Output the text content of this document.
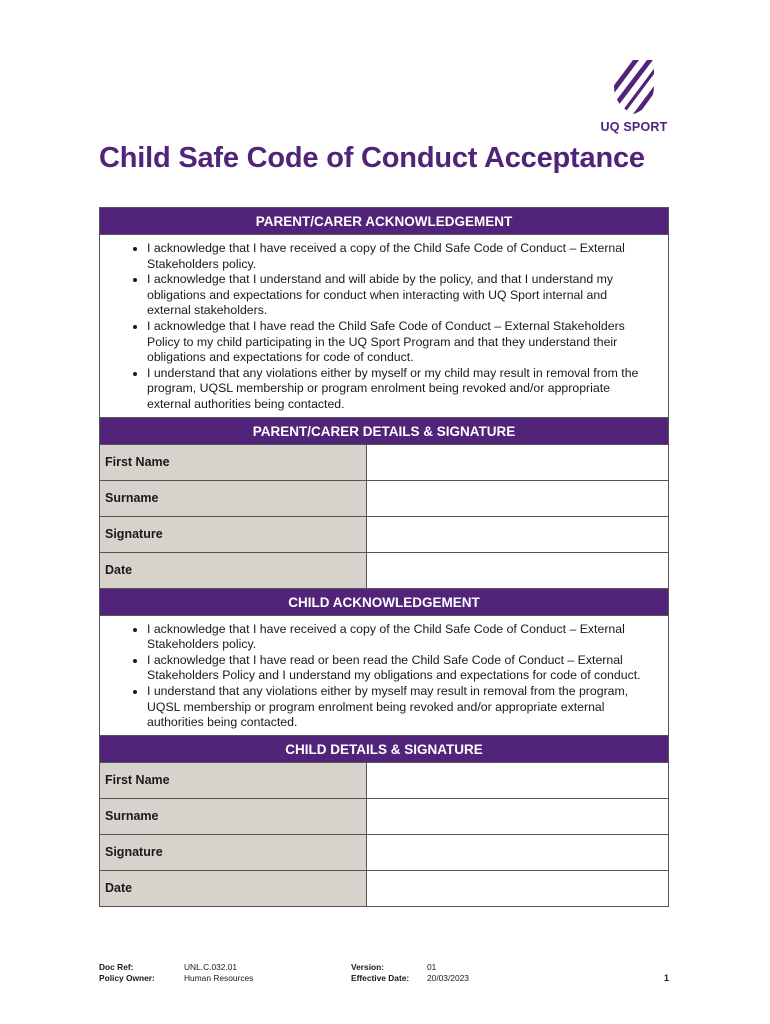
UQ SPORT
Child Safe Code of Conduct Acceptance
PARENT/CARER ACKNOWLEDGEMENT
• I acknowledge that I have received a copy of the Child Safe Code of Conduct – External Stakeholders policy.
• I acknowledge that I understand and will abide by the policy, and that I understand my obligations and expectations for conduct when interacting with UQ Sport internal and external stakeholders.
• I acknowledge that I have read the Child Safe Code of Conduct – External Stakeholders Policy to my child participating in the UQ Sport Program and that they understand their obligations and expectations for code of conduct.
• I understand that any violations either by myself or my child may result in removal from the program, UQSL membership or program enrolment being revoked and/or appropriate external authorities being contacted.
PARENT/CARER DETAILS & SIGNATURE
First Name
Surname
Signature
Date
CHILD ACKNOWLEDGEMENT
• I acknowledge that I have received a copy of the Child Safe Code of Conduct – External Stakeholders policy.
• I acknowledge that I have read or been read the Child Safe Code of Conduct – External Stakeholders Policy and I understand my obligations and expectations for code of conduct.
• I understand that any violations either by myself may result in removal from the program, UQSL membership or program enrolment being revoked and/or appropriate external authorities being contacted.
CHILD DETAILS & SIGNATURE
First Name
Surname
Signature
Date
Doc Ref:
Policy Owner:
UNL.C.032.01
Human Resources
Version:
Effective Date:
01
20/03/2023	1
